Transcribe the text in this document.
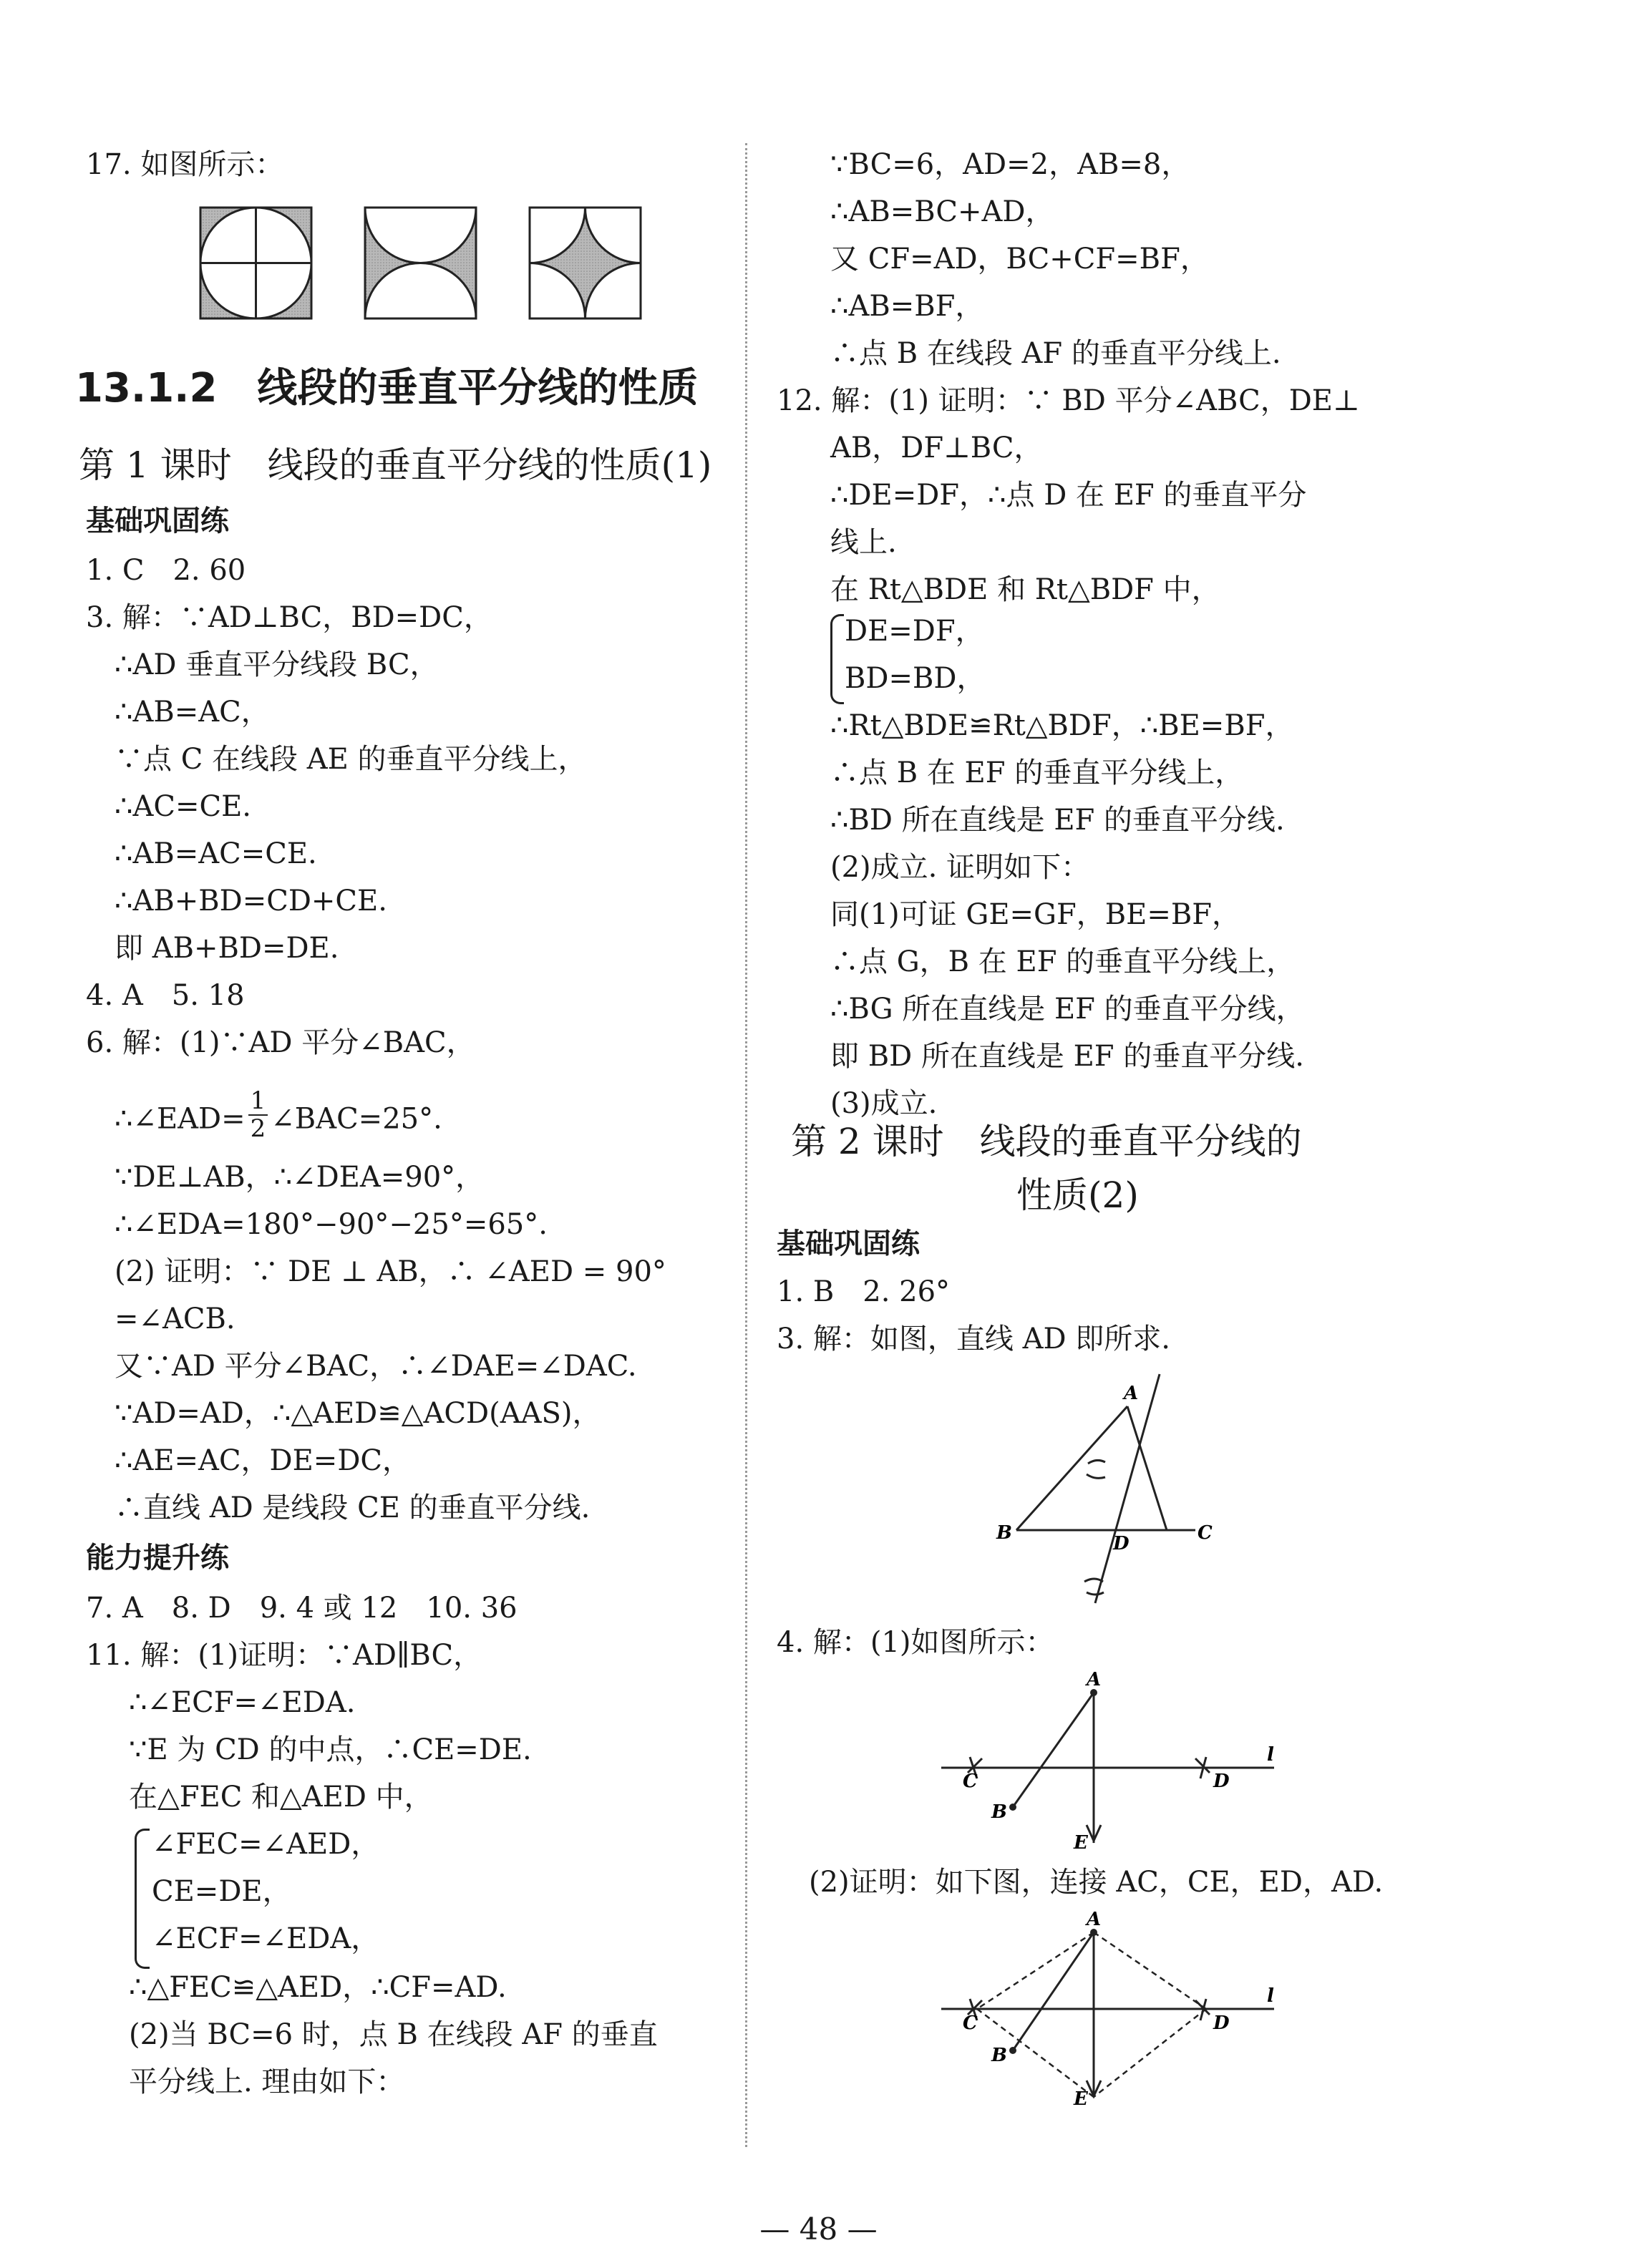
17. 如图所示：
13.1.2　线段的垂直平分线的性质
第 1 课时　线段的垂直平分线的性质(1)
基础巩固练
1. C　2. 60
3. 解：∵AD⊥BC，BD=DC，
∴AD 垂直平分线段 BC，
∴AB=AC，
∵点 C 在线段 AE 的垂直平分线上，
∴AC=CE.
∴AB=AC=CE.
∴AB+BD=CD+CE.
即 AB+BD=DE.
4. A　5. 18
6. 解：(1)∵AD 平分∠BAC，
∴∠EAD= $\frac{1}{2}$ ∠BAC=25°.
∵DE⊥AB，∴∠DEA=90°，
∴∠EDA=180°−90°−25°=65°.
(2) 证明：∵ DE ⊥ AB，∴ ∠AED = 90°
=∠ACB.
又∵AD 平分∠BAC，∴∠DAE=∠DAC.
∵AD=AD，∴△AED≌△ACD(AAS)，
∴AE=AC，DE=DC，
∴直线 AD 是线段 CE 的垂直平分线.
能力提升练
7. A　8. D　9. 4 或 12　10. 36
11. 解：(1)证明：∵AD∥BC，
∴∠ECF=∠EDA.
∵E 为 CD 的中点，∴CE=DE.
在△FEC 和△AED 中，
∠FEC=∠AED，
CE=DE，
∠ECF=∠EDA，
∴△FEC≌△AED，∴CF=AD.
(2)当 BC=6 时，点 B 在线段 AF 的垂直
平分线上. 理由如下：
∵BC=6，AD=2，AB=8，
∴AB=BC+AD，
又 CF=AD，BC+CF=BF，
∴AB=BF，
∴点 B 在线段 AF 的垂直平分线上.
12. 解：(1) 证明：∵ BD 平分∠ABC，DE⊥
AB，DF⊥BC，
∴DE=DF，∴点 D 在 EF 的垂直平分
线上.
在 Rt△BDE 和 Rt△BDF 中，
DE=DF，
BD=BD，
∴Rt△BDE≌Rt△BDF，∴BE=BF，
∴点 B 在 EF 的垂直平分线上，
∴BD 所在直线是 EF 的垂直平分线.
(2)成立. 证明如下：
同(1)可证 GE=GF，BE=BF，
∴点 G，B 在 EF 的垂直平分线上，
∴BG 所在直线是 EF 的垂直平分线，
即 BD 所在直线是 EF 的垂直平分线.
(3)成立.
第 2 课时　线段的垂直平分线的
性质(2)
基础巩固练
1. B　2. 26°
3. 解：如图，直线 AD 即所求.
A
B	C
D
4. 解：(1)如图所示：
A
B
C	D
E
l
(2)证明：如下图，连接 AC，CE，ED，AD.
A
B
C	D
E
l
— 48 —
